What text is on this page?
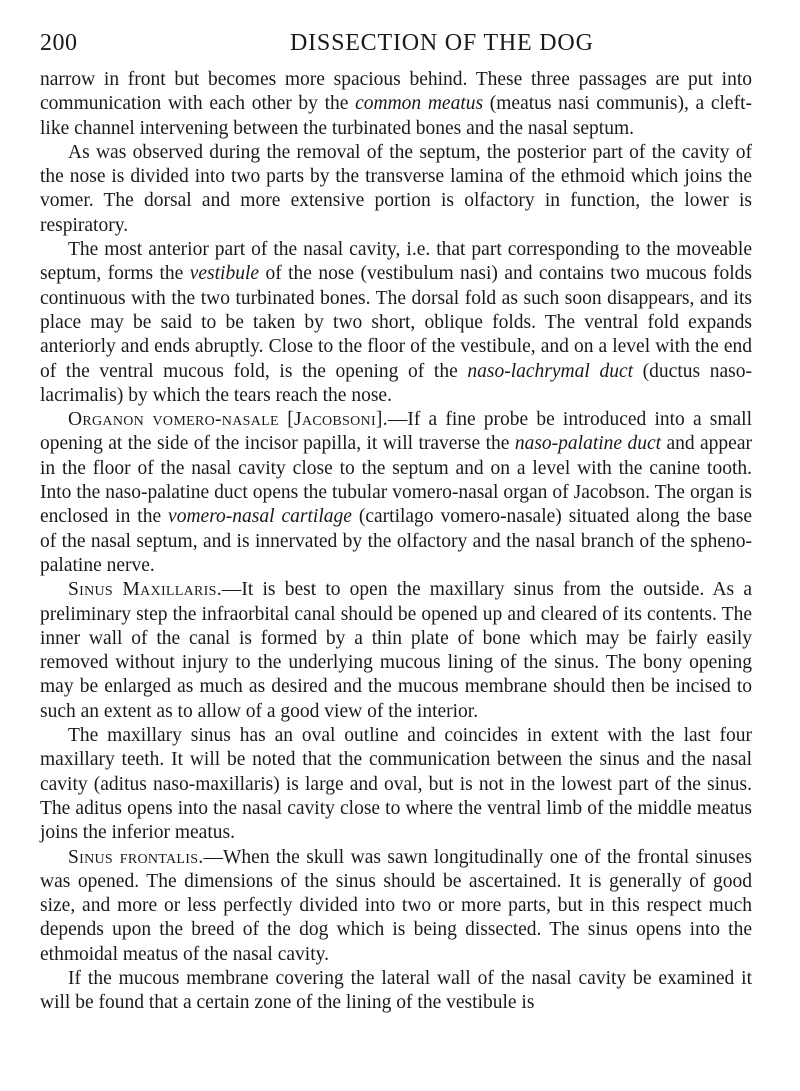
200	DISSECTION OF THE DOG

narrow in front but becomes more spacious behind. These three passages are put into communication with each other by the common meatus (meatus nasi communis), a cleft-like channel intervening between the turbinated bones and the nasal septum.

As was observed during the removal of the septum, the posterior part of the cavity of the nose is divided into two parts by the transverse lamina of the ethmoid which joins the vomer. The dorsal and more extensive portion is olfactory in function, the lower is respiratory.

The most anterior part of the nasal cavity, i.e. that part corresponding to the moveable septum, forms the vestibule of the nose (vestibulum nasi) and contains two mucous folds continuous with the two turbinated bones. The dorsal fold as such soon disappears, and its place may be said to be taken by two short, oblique folds. The ventral fold expands anteriorly and ends abruptly. Close to the floor of the vestibule, and on a level with the end of the ventral mucous fold, is the opening of the naso-lachrymal duct (ductus naso-lacrimalis) by which the tears reach the nose.

Organon vomero-nasale [Jacobsoni].—If a fine probe be introduced into a small opening at the side of the incisor papilla, it will traverse the naso-palatine duct and appear in the floor of the nasal cavity close to the septum and on a level with the canine tooth. Into the naso-palatine duct opens the tubular vomero-nasal organ of Jacobson. The organ is enclosed in the vomero-nasal cartilage (cartilago vomero-nasale) situated along the base of the nasal septum, and is innervated by the olfactory and the nasal branch of the spheno-palatine nerve.

Sinus Maxillaris.—It is best to open the maxillary sinus from the outside. As a preliminary step the infraorbital canal should be opened up and cleared of its contents. The inner wall of the canal is formed by a thin plate of bone which may be fairly easily removed without injury to the underlying mucous lining of the sinus. The bony opening may be enlarged as much as desired and the mucous membrane should then be incised to such an extent as to allow of a good view of the interior.

The maxillary sinus has an oval outline and coincides in extent with the last four maxillary teeth. It will be noted that the communication between the sinus and the nasal cavity (aditus naso-maxillaris) is large and oval, but is not in the lowest part of the sinus. The aditus opens into the nasal cavity close to where the ventral limb of the middle meatus joins the inferior meatus.

Sinus frontalis.—When the skull was sawn longitudinally one of the frontal sinuses was opened. The dimensions of the sinus should be ascertained. It is generally of good size, and more or less perfectly divided into two or more parts, but in this respect much depends upon the breed of the dog which is being dissected. The sinus opens into the ethmoidal meatus of the nasal cavity.

If the mucous membrane covering the lateral wall of the nasal cavity be examined it will be found that a certain zone of the lining of the vestibule is
